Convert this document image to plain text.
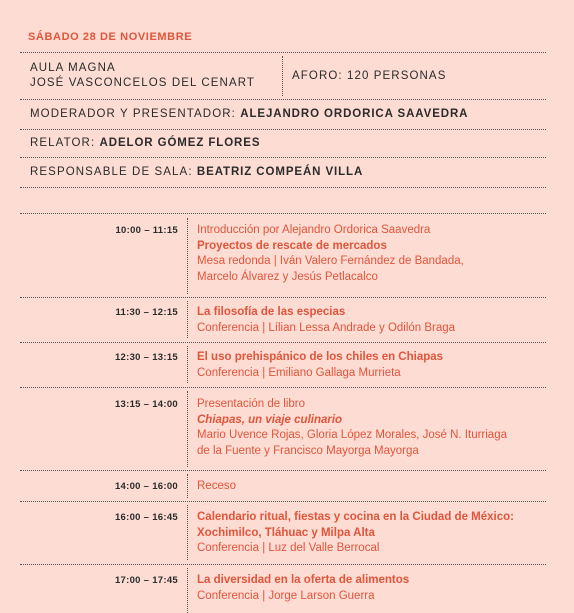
SÁBADO 28 DE NOVIEMBRE
AULA MAGNA
JOSÉ VASCONCELOS DEL CENART
AFORO: 120 PERSONAS
MODERADOR Y PRESENTADOR: ALEJANDRO ORDORICA SAAVEDRA
RELATOR: ADELOR GÓMEZ FLORES
RESPONSABLE DE SALA: BEATRIZ COMPEÁN VILLA
10:00 – 11:15 Introducción por Alejandro Ordorica Saavedra
Proyectos de rescate de mercados
Mesa redonda | Iván Valero Fernández de Bandada,
Marcelo Álvarez y Jesús Petlacalco
11:30 – 12:15 La filosofía de las especias
Conferencia | Lílian Lessa Andrade y Odilón Braga
12:30 – 13:15 El uso prehispánico de los chiles en Chiapas
Conferencia | Emiliano Gallaga Murrieta
13:15 – 14:00 Presentación de libro
Chiapas, un viaje culinario
Mario Uvence Rojas, Gloria López Morales, José N. Iturriaga
de la Fuente y Francisco Mayorga Mayorga
14:00 – 16:00 Receso
16:00 – 16:45 Calendario ritual, fiestas y cocina en la Ciudad de México:
Xochimilco, Tláhuac y Milpa Alta
Conferencia | Luz del Valle Berrocal
17:00 – 17:45 La diversidad en la oferta de alimentos
Conferencia | Jorge Larson Guerra
